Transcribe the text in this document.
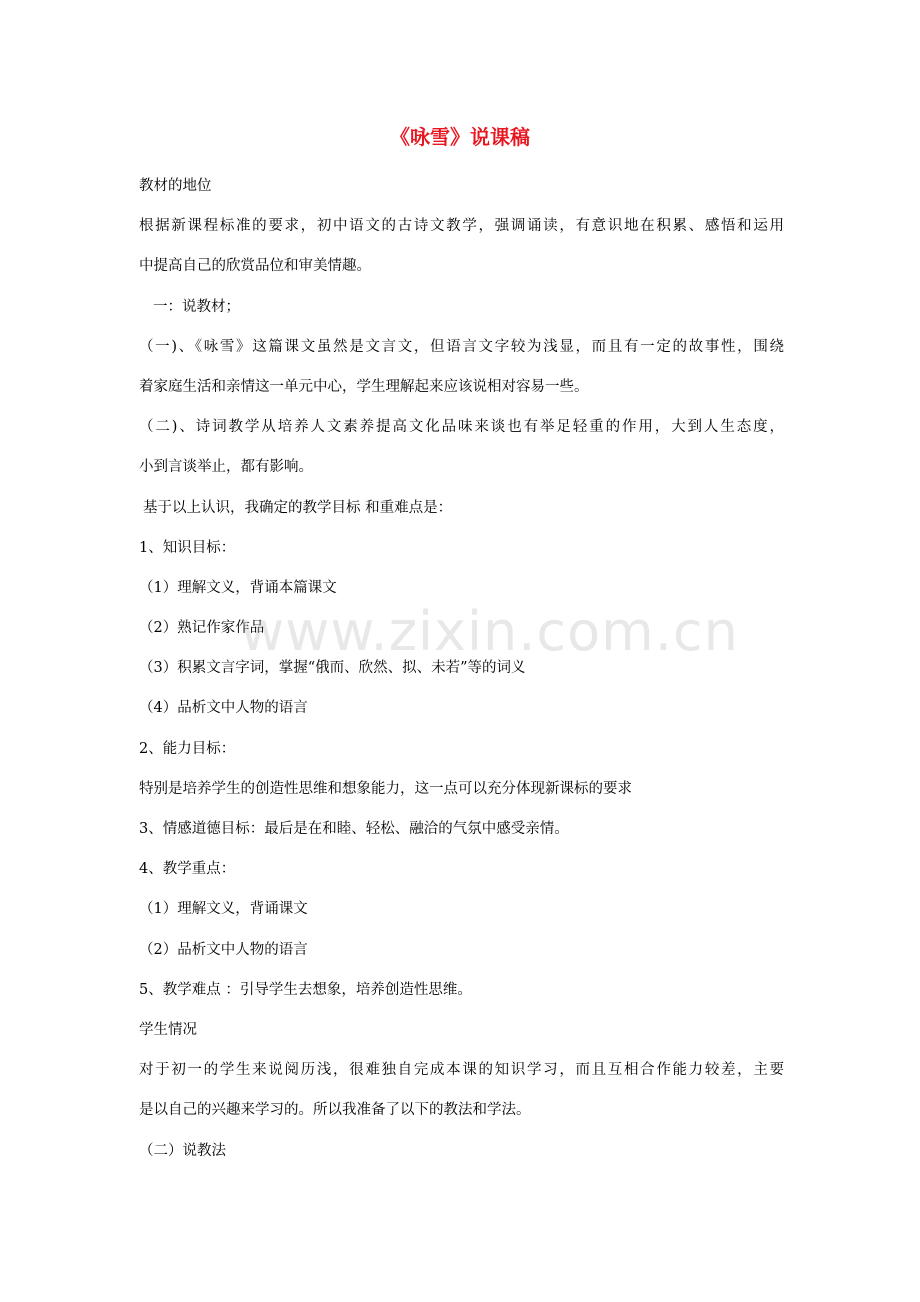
《咏雪》说课稿
教材的地位
根据新课程标准的要求，初中语文的古诗文教学，强调诵读，有意识地在积累、感悟和运用
中提高自己的欣赏品位和审美情趣。
一：说教材；
（一)、《咏雪》这篇课文虽然是文言文，但语言文字较为浅显，而且有一定的故事性，围绕
着家庭生活和亲情这一单元中心，学生理解起来应该说相对容易一些。
（二)、诗词教学从培养人文素养提高文化品味来谈也有举足轻重的作用，大到人生态度，
小到言谈举止，都有影响。
基于以上认识，我确定的教学目标 和重难点是：
1、知识目标：
（1）理解文义，背诵本篇课文
（2）熟记作家作品
（3）积累文言字词，掌握“俄而、欣然、拟、未若”等的词义
（4）品析文中人物的语言
2、能力目标：
特别是培养学生的创造性思维和想象能力，这一点可以充分体现新课标的要求
3、情感道德目标：最后是在和睦、轻松、融洽的气氛中感受亲情。
4、教学重点：
（1）理解文义，背诵课文
（2）品析文中人物的语言
5、教学难点 ：引导学生去想象，培养创造性思维。
学生情况
对于初一的学生来说阅历浅，很难独自完成本课的知识学习，而且互相合作能力较差，主要
是以自己的兴趣来学习的。所以我准备了以下的教法和学法。
（二）说教法
www.zixin.com.cn
